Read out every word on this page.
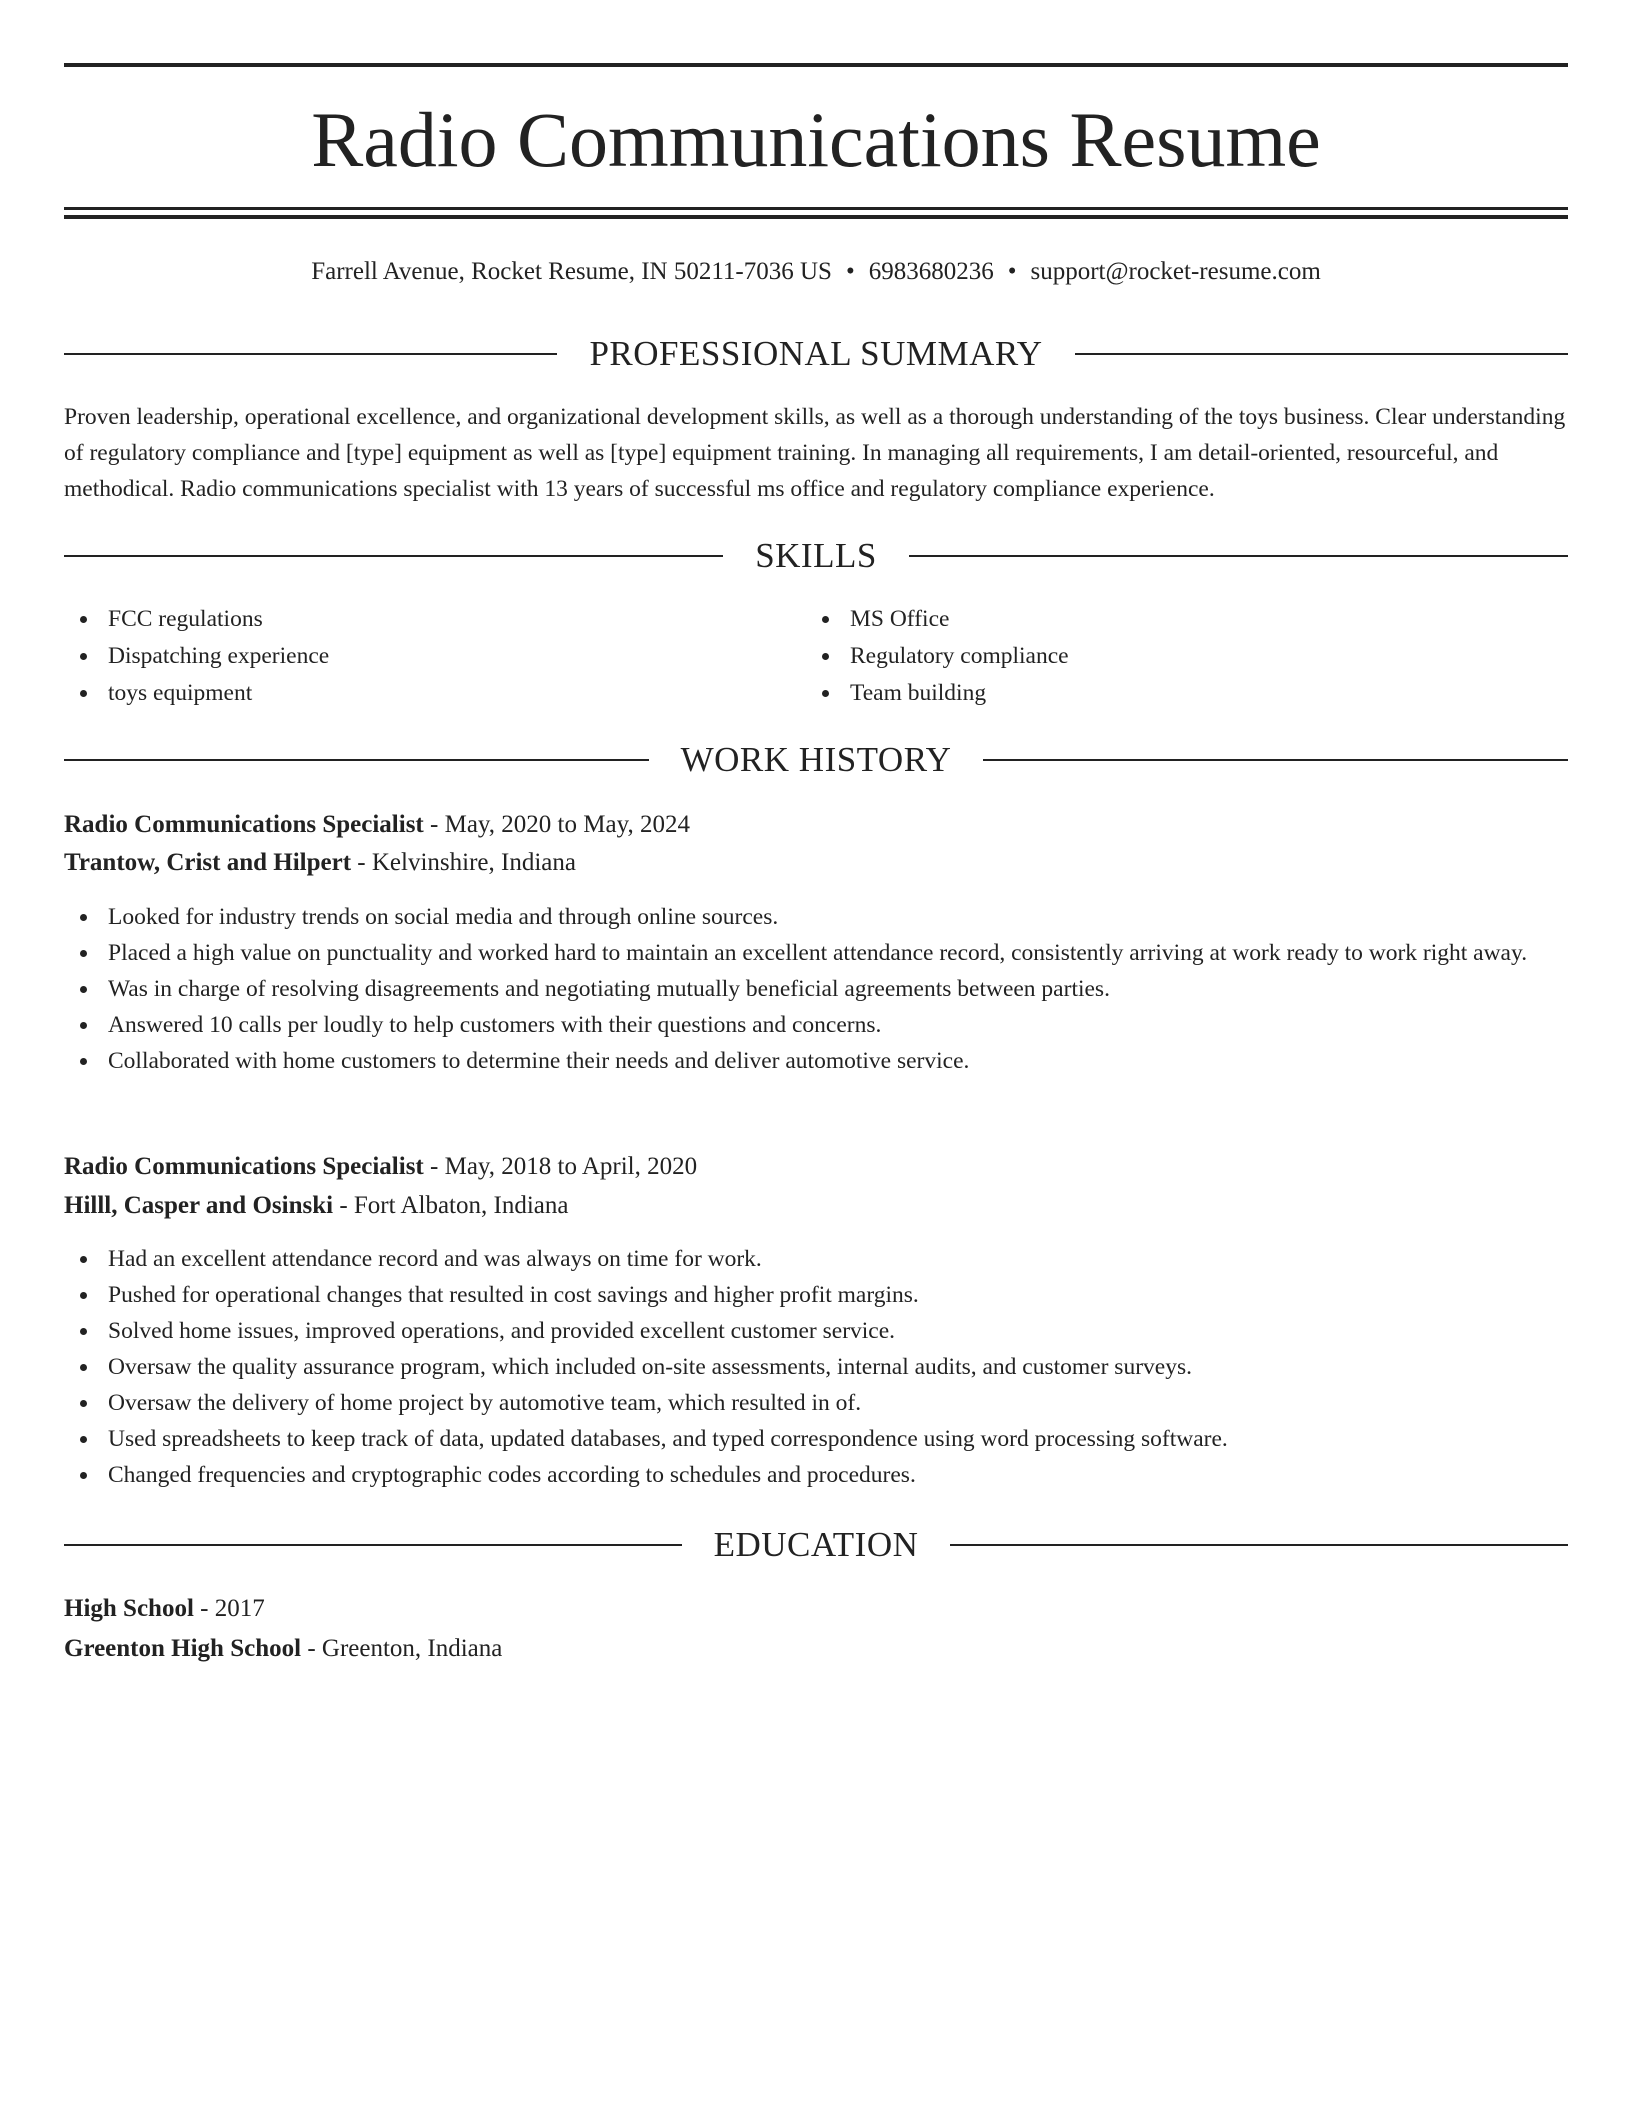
Radio Communications Resume
Farrell Avenue, Rocket Resume, IN 50211-7036 US • 6983680236 • support@rocket-resume.com
PROFESSIONAL SUMMARY

Proven leadership, operational excellence, and organizational development skills, as well as a thorough understanding of the toys business. Clear understanding of regulatory compliance and [type] equipment as well as [type] equipment training. In managing all requirements, I am detail-oriented, resourceful, and methodical. Radio communications specialist with 13 years of successful ms office and regulatory compliance experience.

SKILLS
FCC regulations
Dispatching experience
toys equipment
MS Office
Regulatory compliance
Team building
WORK HISTORY
Radio Communications Specialist - May, 2020 to May, 2024
Trantow, Crist and Hilpert - Kelvinshire, Indiana
Looked for industry trends on social media and through online sources.
Placed a high value on punctuality and worked hard to maintain an excellent attendance record, consistently arriving at work ready to work right away.
Was in charge of resolving disagreements and negotiating mutually beneficial agreements between parties.
Answered 10 calls per loudly to help customers with their questions and concerns.
Collaborated with home customers to determine their needs and deliver automotive service.
Radio Communications Specialist - May, 2018 to April, 2020
Hilll, Casper and Osinski - Fort Albaton, Indiana
Had an excellent attendance record and was always on time for work.
Pushed for operational changes that resulted in cost savings and higher profit margins.
Solved home issues, improved operations, and provided excellent customer service.
Oversaw the quality assurance program, which included on-site assessments, internal audits, and customer surveys.
Oversaw the delivery of home project by automotive team, which resulted in of.
Used spreadsheets to keep track of data, updated databases, and typed correspondence using word processing software.
Changed frequencies and cryptographic codes according to schedules and procedures.
EDUCATION
High School - 2017
Greenton High School - Greenton, Indiana
